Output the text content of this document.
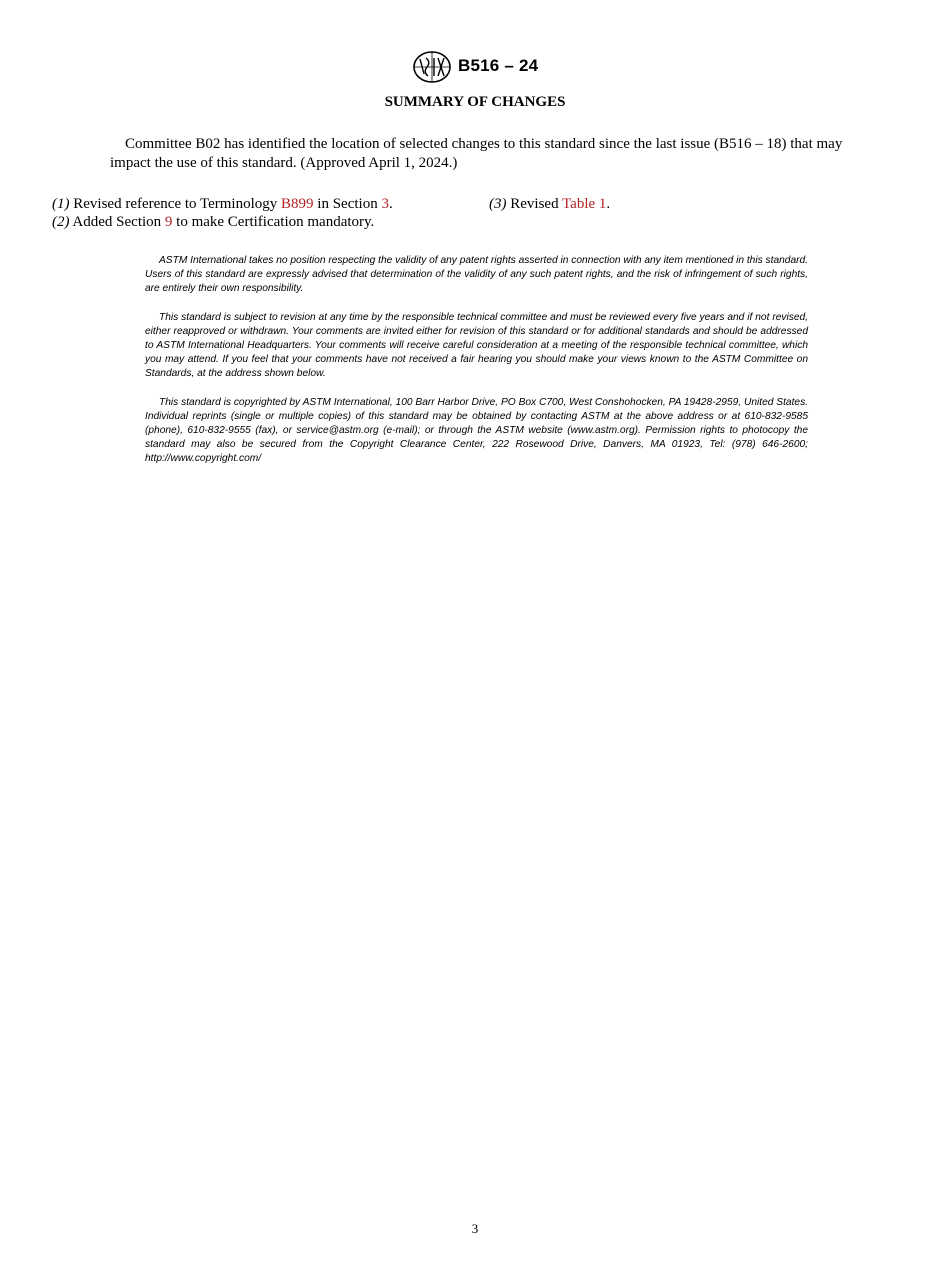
B516 – 24
SUMMARY OF CHANGES
Committee B02 has identified the location of selected changes to this standard since the last issue (B516 – 18) that may impact the use of this standard. (Approved April 1, 2024.)
(1) Revised reference to Terminology B899 in Section 3.
(2) Added Section 9 to make Certification mandatory.
(3) Revised Table 1.

ASTM International takes no position respecting the validity of any patent rights asserted in connection with any item mentioned in this standard. Users of this standard are expressly advised that determination of the validity of any such patent rights, and the risk of infringement of such rights, are entirely their own responsibility.

This standard is subject to revision at any time by the responsible technical committee and must be reviewed every five years and if not revised, either reapproved or withdrawn. Your comments are invited either for revision of this standard or for additional standards and should be addressed to ASTM International Headquarters. Your comments will receive careful consideration at a meeting of the responsible technical committee, which you may attend. If you feel that your comments have not received a fair hearing you should make your views known to the ASTM Committee on Standards, at the address shown below.

This standard is copyrighted by ASTM International, 100 Barr Harbor Drive, PO Box C700, West Conshohocken, PA 19428-2959, United States. Individual reprints (single or multiple copies) of this standard may be obtained by contacting ASTM at the above address or at 610-832-9585 (phone), 610-832-9555 (fax), or service@astm.org (e-mail); or through the ASTM website (www.astm.org). Permission rights to photocopy the standard may also be secured from the Copyright Clearance Center, 222 Rosewood Drive, Danvers, MA 01923, Tel: (978) 646-2600; http://www.copyright.com/

3
